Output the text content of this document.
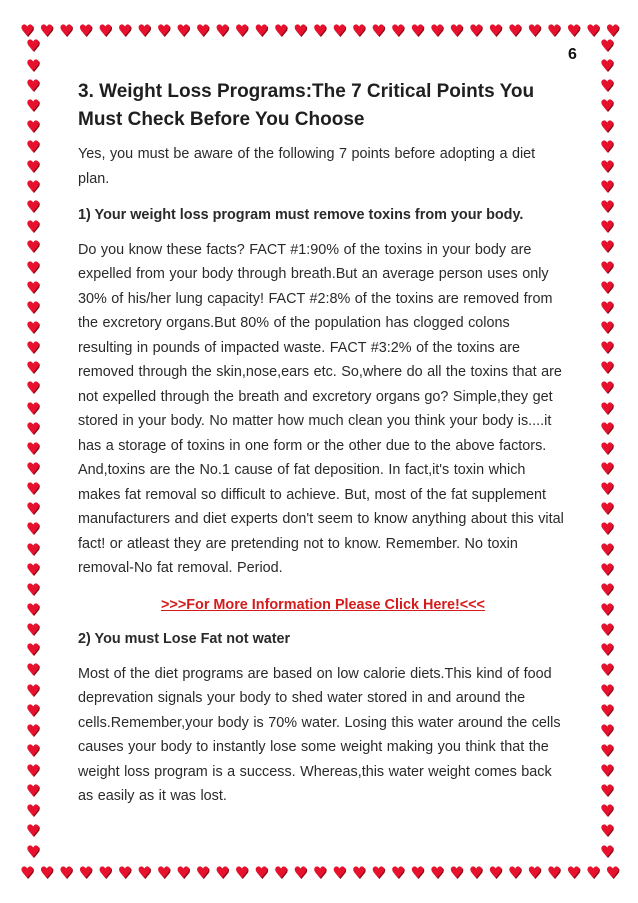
♥ ♥ ♥ ♥ ♥ ♥ ♥ ♥ ♥ ♥ ♥ ♥ ♥ ♥ ♥ ♥ ♥ ♥ ♥ ♥ ♥ ♥ ♥ ♥ ♥ ♥ ♥ ♥ ♥ ♥ ♥
♥ ♥ ♥ ♥ ♥ ♥ ♥ ♥ ♥ ♥ ♥ ♥ ♥ ♥ ♥ ♥ ♥ ♥ ♥ ♥ ♥ ♥ ♥ ♥ ♥ ♥ ♥ ♥ ♥ ♥ ♥
♥
♥
♥
♥
♥
♥
♥
♥
♥
♥
♥
♥
♥
♥
♥
♥
♥
♥
♥
♥
♥
♥
♥
♥
♥
♥
♥
♥
♥
♥
♥
♥
♥
♥
♥
♥
♥
♥
♥
♥
♥
♥
♥
♥
♥
♥
♥
♥
♥
♥
♥
♥
♥
♥
♥
♥
♥
♥
♥
♥
♥
♥
♥
♥
♥
♥
♥
♥
♥
♥
♥
♥
♥
♥
♥
♥
♥
♥
♥
♥
♥
♥
6
3. Weight Loss Programs:The 7 Critical Points You Must Check Before You Choose
Yes, you must be aware of the following 7 points before adopting a diet plan.
1) Your weight loss program must remove toxins from your body.
Do you know these facts? FACT #1:90% of the toxins in your body are expelled from your body through breath.But an average person uses only 30% of his/her lung capacity! FACT #2:8% of the toxins are removed from the excretory organs.But 80% of the population has clogged colons resulting in pounds of impacted waste. FACT #3:2% of the toxins are removed through the skin,nose,ears etc. So,where do all the toxins that are not expelled through the breath and excretory organs go? Simple,they get stored in your body. No matter how much clean you think your body is....it has a storage of toxins in one form or the other due to the above factors. And,toxins are the No.1 cause of fat deposition. In fact,it's toxin which makes fat removal so difficult to achieve. But, most of the fat supplement manufacturers and diet experts don't seem to know anything about this vital fact! or atleast they are pretending not to know. Remember. No toxin removal-No fat removal. Period.
>>>For More Information Please Click Here!<<<
2) You must Lose Fat not water
Most of the diet programs are based on low calorie diets.This kind of food deprevation signals your body to shed water stored in and around the cells.Remember,your body is 70% water. Losing this water around the cells causes your body to instantly lose some weight making you think that the weight loss program is a success. Whereas,this water weight comes back as easily as it was lost.
